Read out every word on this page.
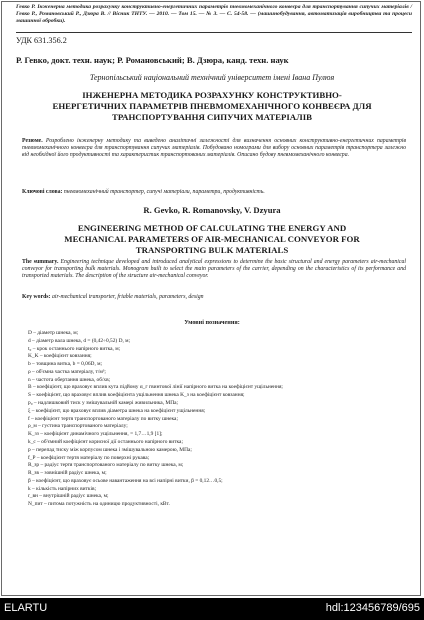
Гевко Р. Інженерна методика розрахунку конструктивно-енергетичних параметрів пневмомеханічного конвеєра для транспортування сипучих матеріалів / Гевко Р., Романовський Р., Дзюра В. // Вісник ТНТУ. — 2010. — Том 15. — № 3. — С. 54-58. — (машинобудування, автоматизація виробництва та процеси машинної обробки).
УДК 631.356.2
Р. Гевко, докт. техн. наук; Р. Романовський; В. Дзюра, канд. техн. наук
Тернопільський національний технічний університет імені Івана Пулюя
ІНЖЕНЕРНА МЕТОДИКА РОЗРАХУНКУ КОНСТРУКТИВНО-ЕНЕРГЕТИЧНИХ ПАРАМЕТРІВ ПНЕВМОМЕХАНІЧНОГО КОНВЕЄРА ДЛЯ ТРАНСПОРТУВАННЯ СИПУЧИХ МАТЕРІАЛІВ
Резюме. Розроблено інженерну методику та виведено аналітичні залежності для визначення основних конструктивно-енергетичних параметрів пневмомеханічного конвеєра для транспортування сипучих матеріалів. Побудовано номограми для вибору основних параметрів транспортера залежно від необхідної його продуктивності та характеристик транспортованих матеріалів. Описано будову пневмомеханічного конвеєра.
Ключові слова: пневмомеханічний транспортер, сипучі матеріали, параметри, продуктивність.
R. Gevko, R. Romanovsky, V. Dzyura
ENGINEERING METHOD OF CALCULATING THE ENERGY AND MECHANICAL PARAMETERS OF AIR-MECHANICAL CONVEYOR FOR TRANSPORTING BULK MATERIALS
The summary. Engineering technique developed and introduced analytical expressions to determine the basic structural and energy parameters air-mechanical conveyor for transporting bulk materials. Monogram built to select the main parameters of the carrier, depending on the characteristics of its performance and transported materials. The description of the structure air-mechanical conveyor.
Key words: air-mechanical transporter, friable materials, parameters, design
Умовні позначення:
D – діаметр шнека, м;
d – діаметр вала шнека, d = (0,42÷0,52) D, м;
t₀ – крок останнього напірного витка, м;
K_K – коефіцієнт ковзання;
b – товщина витка, b = 0,06D, м;
ρ – об'ємна частка матеріалу, т/м³;
n – частота обертання шнека, об/хв;
B – коефіцієнт, що враховує вплив кута підйому α_г гвинтової лінії напірного витка на коефіцієнт ущільнення;
S – коефіцієнт, що враховує вплив коефіцієнта ущільнення шнека K_з на коефіцієнт ковзання;
p₀ – надлишковий тиск у змішувальній камері живильника, МПа;
ξ – коефіцієнт, що враховує вплив діаметра шнека на коефіцієнт ущільнення;
f – коефіцієнт тертя транспортованого матеріалу по витку шнека;
ρ_м – густина транспортованого матеріалу;
K_зз – коефіцієнт динамічного ущільнення, = 1,7…1,9 [1];
k_с – об'ємний коефіцієнт корисної дії останнього напірного витка;
p – перепад тиску між корпусом шнека і змішувальною камерою, МПа;
f_Р – коефіцієнт тертя матеріалу по поверхні рукава;
R_зр – радіус тертя транспортованого матеріалу по витку шнека, м;
R_зв – зовнішній радіус шнека, м;
β – коефіцієнт, що враховує осьове навантаження на всі напірні витки, β = 0,12…0,5;
k – кількість напірних витків;
r_вн – внутрішній радіус шнека, м;
N_пит – питома потужність на одиницю продуктивності, кВт.
ELARTU	hdl:123456789/695
